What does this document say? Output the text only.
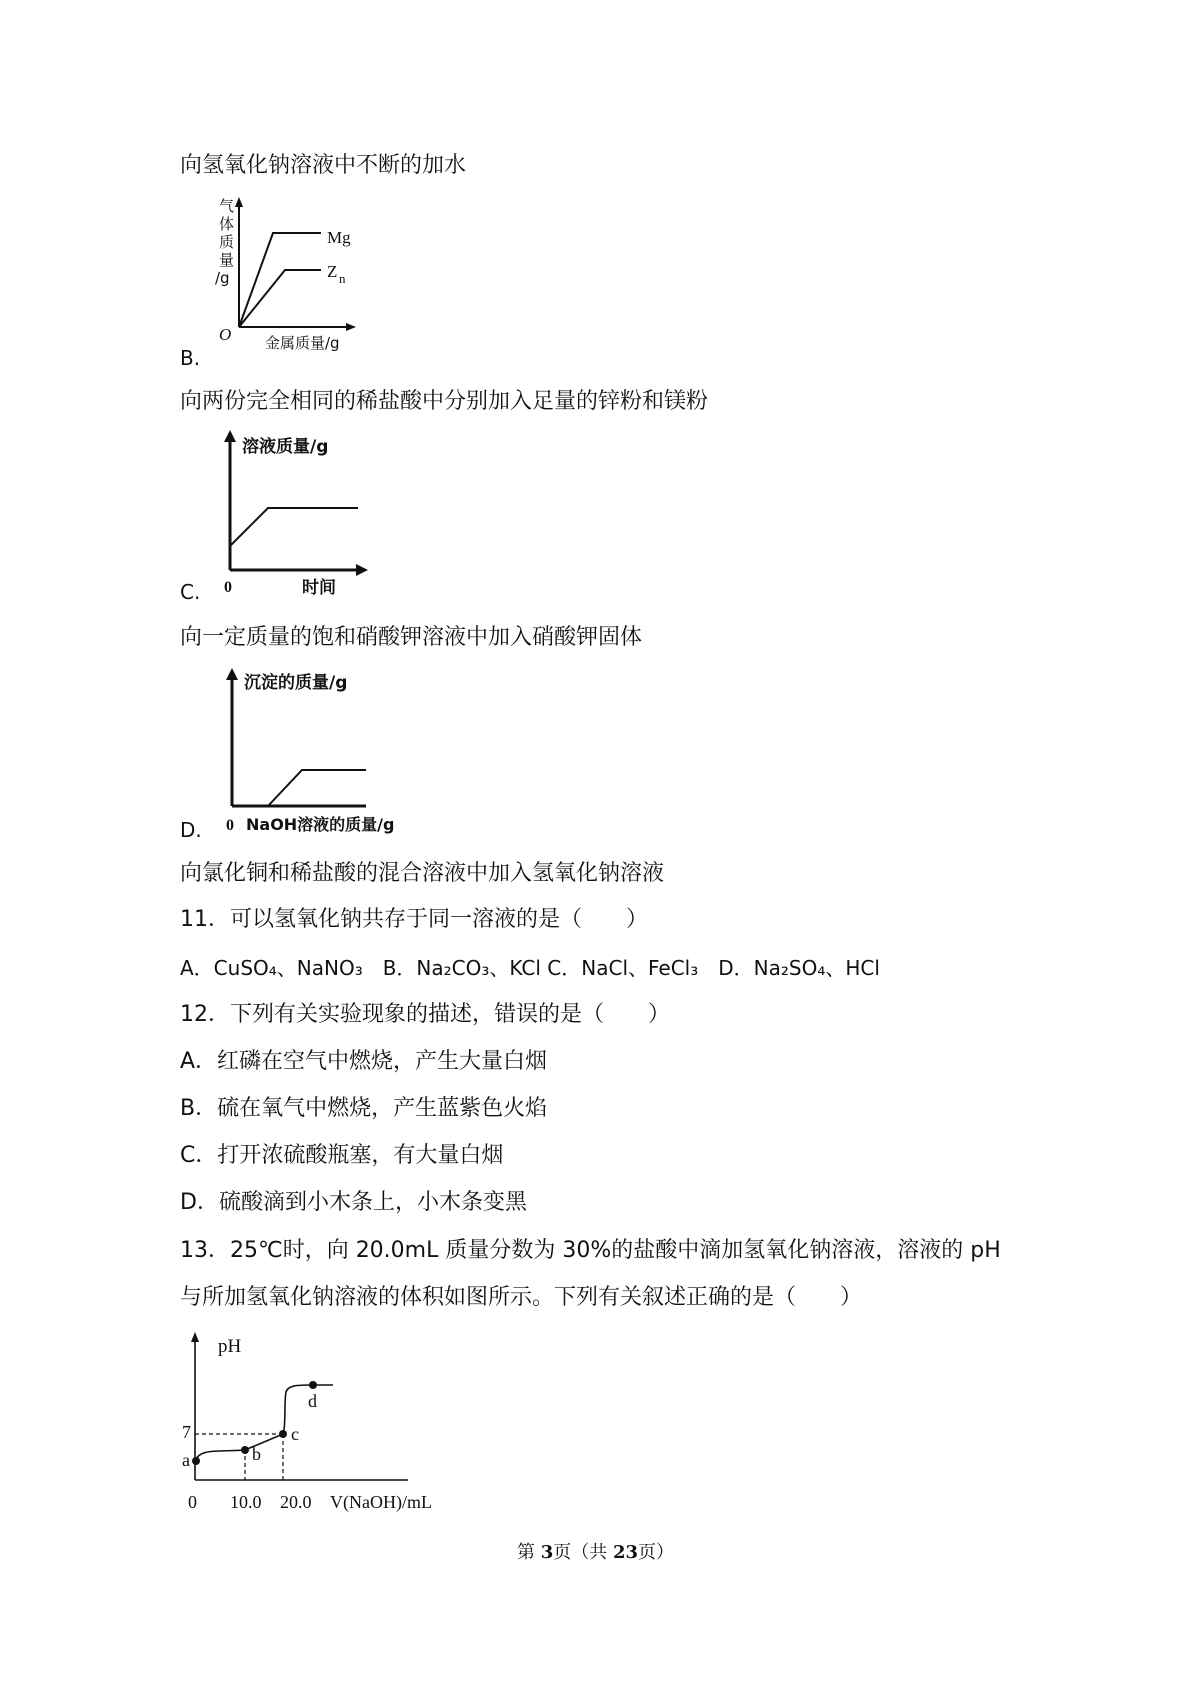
向氢氧化钠溶液中不断的加水
气
体
质
量
/g
Mg
Z n
O 金属质量/g
B.
向两份完全相同的稀盐酸中分别加入足量的锌粉和镁粉
溶液质量/g
0	时间
C.
向一定质量的饱和硝酸钾溶液中加入硝酸钾固体
沉淀的质量/g
0 NaOH溶液的质量/g
D.
向氯化铜和稀盐酸的混合溶液中加入氢氧化钠溶液
11．可以氢氧化钠共存于同一溶液的是（　　）
A．CuSO₄、NaNO₃　B．Na₂CO₃、KCl C．NaCl、FeCl₃　D．Na₂SO₄、HCl
12．下列有关实验现象的描述，错误的是（　　）
A．红磷在空气中燃烧，产生大量白烟
B．硫在氧气中燃烧，产生蓝紫色火焰
C．打开浓硫酸瓶塞，有大量白烟
D．硫酸滴到小木条上，小木条变黑
13．25℃时，向 20.0mL 质量分数为 30%的盐酸中滴加氢氧化钠溶液，溶液的 pH
与所加氢氧化钠溶液的体积如图所示。下列有关叙述正确的是（　　）
pH
7
a	b
c
d
0 10.0 20.0 V(NaOH)/mL
第 3页（共 23页）
